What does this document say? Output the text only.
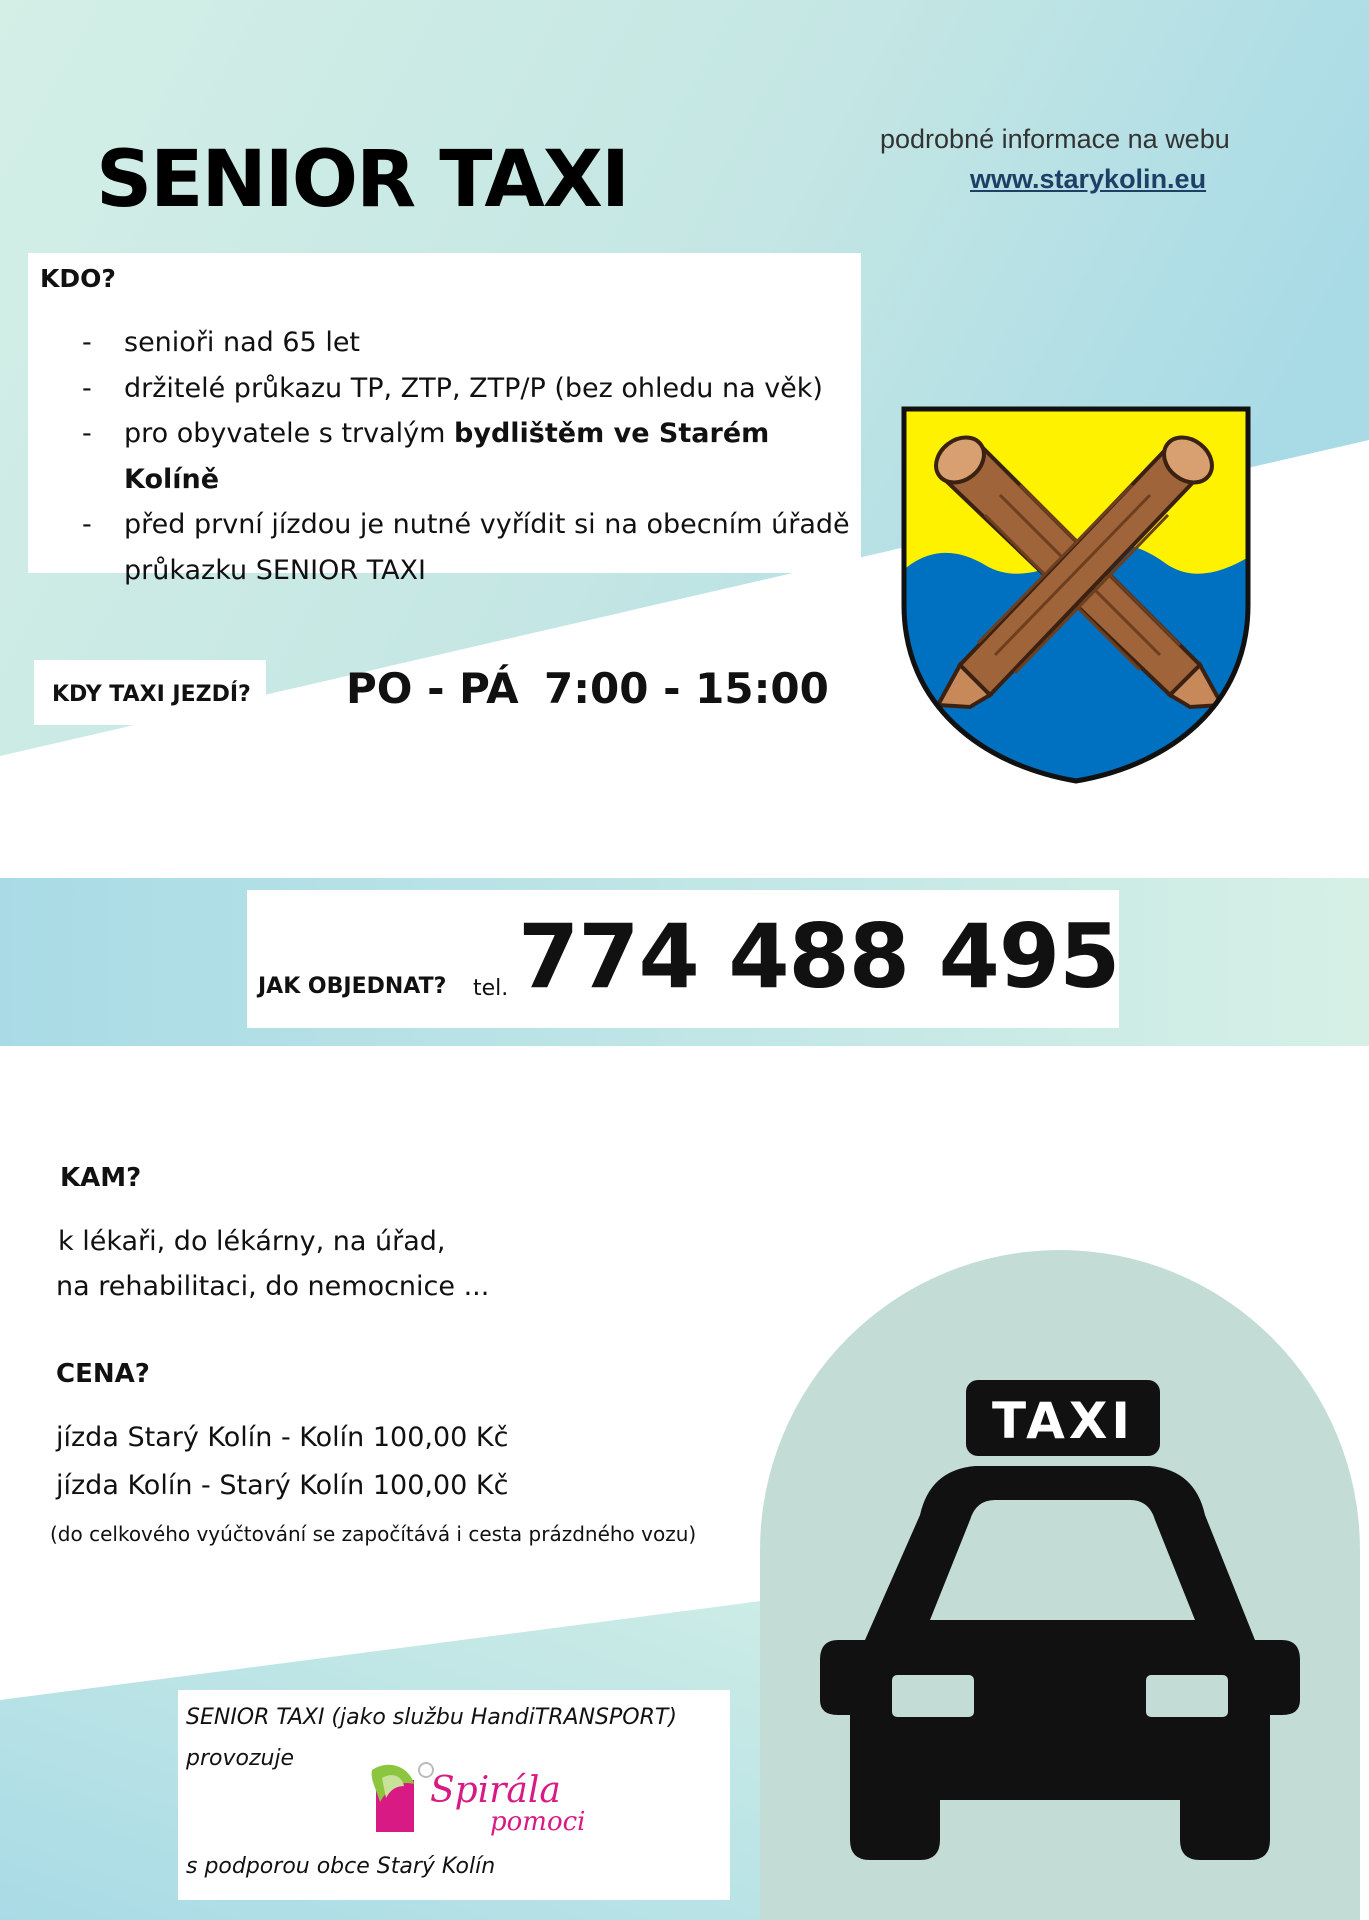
SENIOR TAXI	podrobné informace na webu
www.starykolin.eu
KDO?
- senioři nad 65 let
- držitelé průkazu TP, ZTP, ZTP/P (bez ohledu na věk)
- pro obyvatele s trvalým bydlištěm ve Starém Kolíně
- před první jízdou je nutné vyřídit si na obecním úřadě průkazku SENIOR TAXI
KDY TAXI JEZDÍ? PO - PÁ 7:00 - 15:00
JAK OBJEDNAT? tel. 774 488 495
KAM?
k lékaři, do lékárny, na úřad,
na rehabilitaci, do nemocnice ...
CENA?
jízda Starý Kolín - Kolín 100,00 Kč
jízda Kolín - Starý Kolín 100,00 Kč
(do celkového vyúčtování se započítává i cesta prázdného vozu)
SENIOR TAXI (jako službu HandiTRANSPORT)
provozuje
Spirála
pomoci
s podporou obce Starý Kolín
TAXI
